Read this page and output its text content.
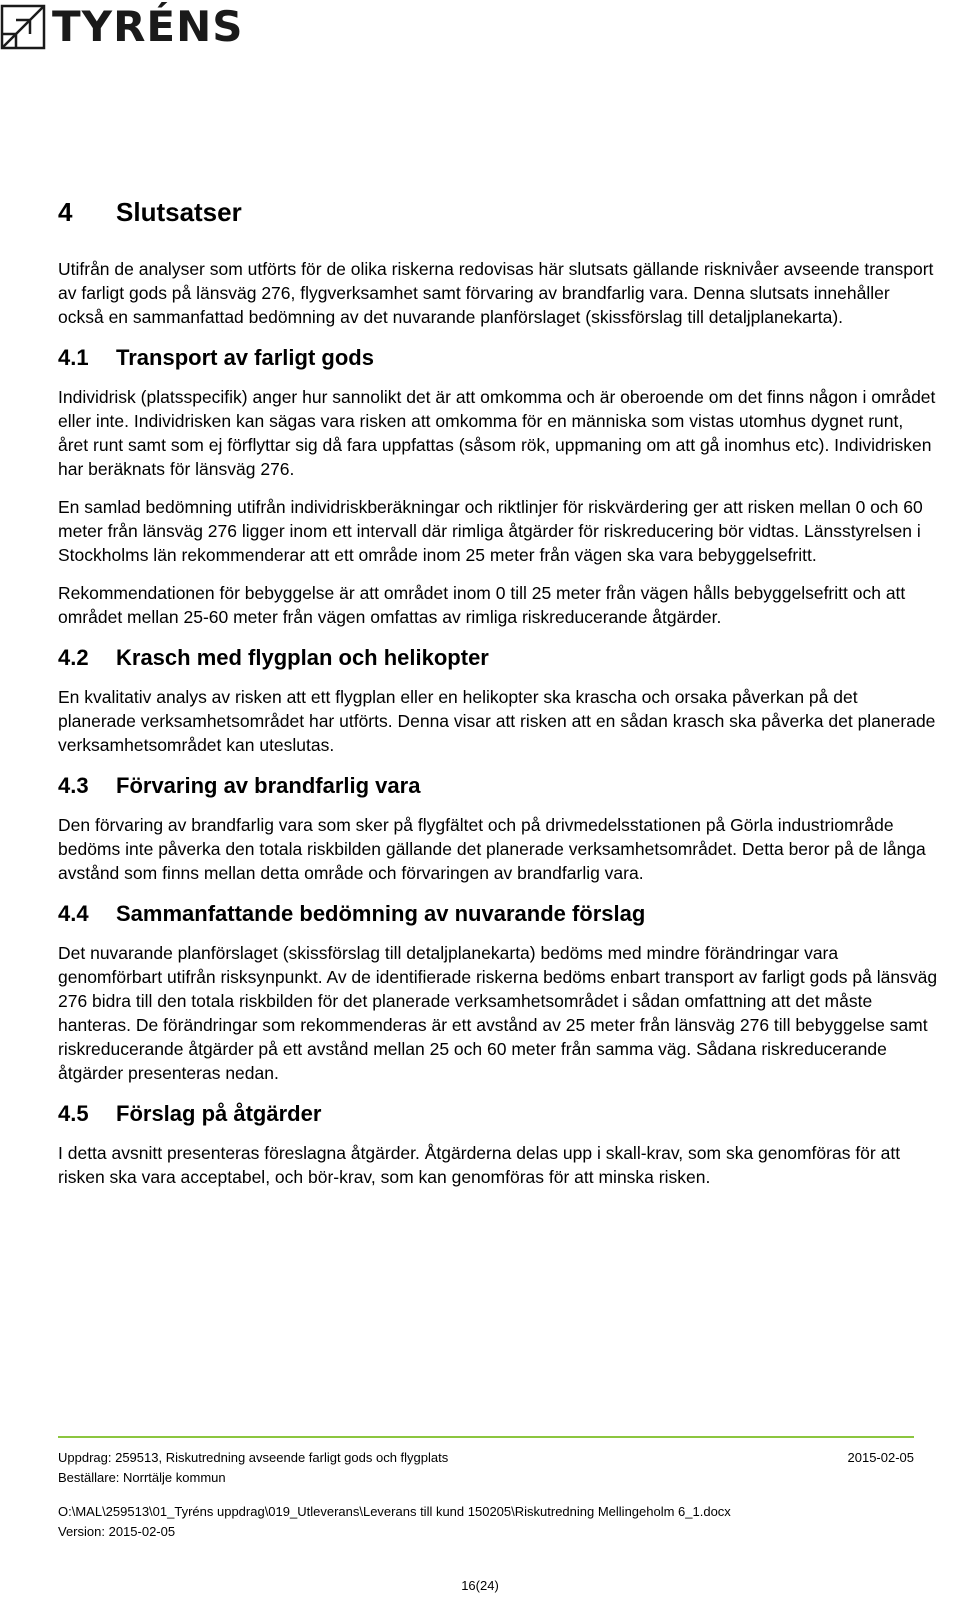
TYRÉNS
4 Slutsatser

Utifrån de analyser som utförts för de olika riskerna redovisas här slutsats gällande risknivåer avseende transport av farligt gods på länsväg 276, flygverksamhet samt förvaring av brandfarlig vara. Denna slutsats innehåller också en sammanfattad bedömning av det nuvarande planförslaget (skissförslag till detaljplanekarta).

4.1 Transport av farligt gods

Individrisk (platsspecifik) anger hur sannolikt det är att omkomma och är oberoende om det finns någon i området eller inte. Individrisken kan sägas vara risken att omkomma för en människa som vistas utomhus dygnet runt, året runt samt som ej förflyttar sig då fara uppfattas (såsom rök, uppmaning om att gå inomhus etc). Individrisken har beräknats för länsväg 276.

En samlad bedömning utifrån individriskberäkningar och riktlinjer för riskvärdering ger att risken mellan 0 och 60 meter från länsväg 276 ligger inom ett intervall där rimliga åtgärder för riskreducering bör vidtas. Länsstyrelsen i Stockholms län rekommenderar att ett område inom 25 meter från vägen ska vara bebyggelsefritt.

Rekommendationen för bebyggelse är att området inom 0 till 25 meter från vägen hålls bebyggelsefritt och att området mellan 25-60 meter från vägen omfattas av rimliga riskreducerande åtgärder.

4.2 Krasch med flygplan och helikopter

En kvalitativ analys av risken att ett flygplan eller en helikopter ska krascha och orsaka påverkan på det planerade verksamhetsområdet har utförts. Denna visar att risken att en sådan krasch ska påverka det planerade verksamhetsområdet kan uteslutas.

4.3 Förvaring av brandfarlig vara

Den förvaring av brandfarlig vara som sker på flygfältet och på drivmedelsstationen på Görla industriområde bedöms inte påverka den totala riskbilden gällande det planerade verksamhetsområdet. Detta beror på de långa avstånd som finns mellan detta område och förvaringen av brandfarlig vara.

4.4 Sammanfattande bedömning av nuvarande förslag

Det nuvarande planförslaget (skissförslag till detaljplanekarta) bedöms med mindre förändringar vara genomförbart utifrån risksynpunkt. Av de identifierade riskerna bedöms enbart transport av farligt gods på länsväg 276 bidra till den totala riskbilden för det planerade verksamhetsområdet i sådan omfattning att det måste hanteras. De förändringar som rekommenderas är ett avstånd av 25 meter från länsväg 276 till bebyggelse samt riskreducerande åtgärder på ett avstånd mellan 25 och 60 meter från samma väg. Sådana riskreducerande åtgärder presenteras nedan.

4.5 Förslag på åtgärder

I detta avsnitt presenteras föreslagna åtgärder. Åtgärderna delas upp i skall-krav, som ska genomföras för att risken ska vara acceptabel, och bör-krav, som kan genomföras för att minska risken.

Uppdrag: 259513, Riskutredning avseende farligt gods och flygplats	2015-02-05
Beställare: Norrtälje kommun
O:\MAL\259513\01_Tyréns uppdrag\019_Utleverans\Leverans till kund 150205\Riskutredning Mellingeholm 6_1.docx
Version: 2015-02-05
16(24)
